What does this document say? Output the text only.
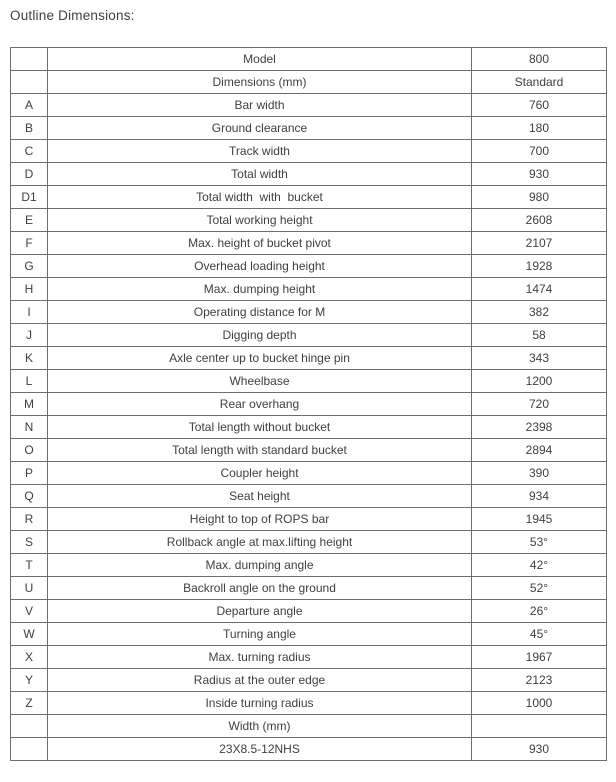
Outline Dimensions:
	Model	800
	Dimensions (mm)	Standard
A	Bar width	760
B	Ground clearance	180
C	Track width	700
D	Total width	930
D1	Total width  with  bucket	980
E	Total working height	2608
F	Max. height of bucket pivot	2107
G	Overhead loading height	1928
H	Max. dumping height	1474
I	Operating distance for M	382
J	Digging depth	58
K	Axle center up to bucket hinge pin	343
L	Wheelbase	1200
M	Rear overhang	720
N	Total length without bucket	2398
O	Total length with standard bucket	2894
P	Coupler height	390
Q	Seat height	934
R	Height to top of ROPS bar	1945
S	Rollback angle at max.lifting height	53°
T	Max. dumping angle	42°
U	Backroll angle on the ground	52°
V	Departure angle	26°
W	Turning angle	45°
X	Max. turning radius	1967
Y	Radius at the outer edge	2123
Z	Inside turning radius	1000
	Width (mm)	
	23X8.5-12NHS	930
